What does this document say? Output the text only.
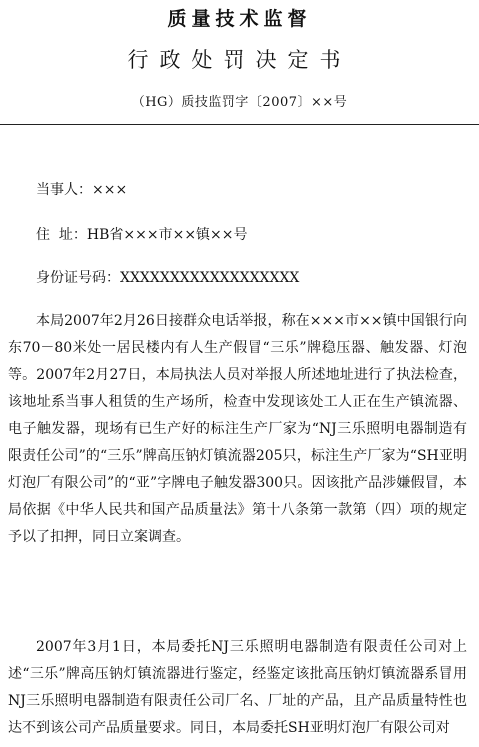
质量技术监督
行政处罚决定书
（HG）质技监罚字〔2007〕××号
当事人：×××
住  址：HB省×××市××镇××号
身份证号码：XXXXXXXXXXXXXXXXXX
本局2007年2月26日接群众电话举报，称在×××市××镇中国银行向东70－80米处一居民楼内有人生产假冒“三乐”牌稳压器、触发器、灯泡等。2007年2月27日，本局执法人员对举报人所述地址进行了执法检查，该地址系当事人租赁的生产场所，检查中发现该处工人正在生产镇流器、电子触发器，现场有已生产好的标注生产厂家为“NJ三乐照明电器制造有限责任公司”的“三乐”牌高压钠灯镇流器205只，标注生产厂家为“SH亚明灯泡厂有限公司”的“亚”字牌电子触发器300只。因该批产品涉嫌假冒，本局依据《中华人民共和国产品质量法》第十八条第一款第（四）项的规定予以了扣押，同日立案调查。
2007年3月1日，本局委托NJ三乐照明电器制造有限责任公司对上述“三乐”牌高压钠灯镇流器进行鉴定，经鉴定该批高压钠灯镇流器系冒用NJ三乐照明电器制造有限责任公司厂名、厂址的产品，且产品质量特性也达不到该公司产品质量要求。同日，本局委托SH亚明灯泡厂有限公司对
